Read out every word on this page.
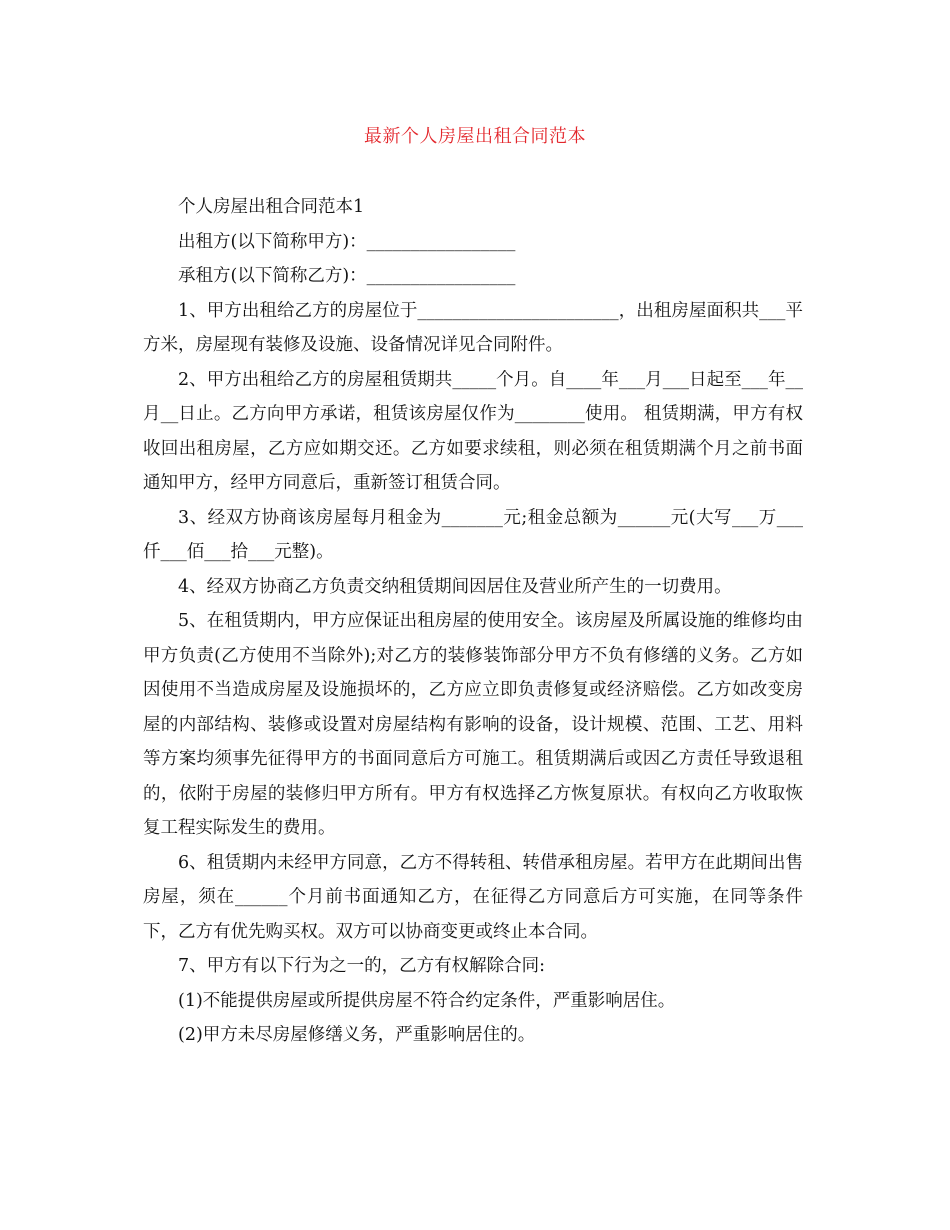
最新个人房屋出租合同范本

个人房屋出租合同范本1

出租方(以下简称甲方)：_________________

承租方(以下简称乙方)：_________________

1、甲方出租给乙方的房屋位于_______________________，出租房屋面积共___平方米，房屋现有装修及设施、设备情况详见合同附件。

2、甲方出租给乙方的房屋租赁期共_____个月。自____年___月___日起至___年__月__日止。乙方向甲方承诺，租赁该房屋仅作为________使用。 租赁期满，甲方有权收回出租房屋，乙方应如期交还。乙方如要求续租，则必须在租赁期满个月之前书面通知甲方，经甲方同意后，重新签订租赁合同。

3、经双方协商该房屋每月租金为_______元;租金总额为______元(大写___万___仟___佰___拾___元整)。

4、经双方协商乙方负责交纳租赁期间因居住及营业所产生的一切费用。

5、在租赁期内，甲方应保证出租房屋的使用安全。该房屋及所属设施的维修均由甲方负责(乙方使用不当除外);对乙方的装修装饰部分甲方不负有修缮的义务。乙方如因使用不当造成房屋及设施损坏的，乙方应立即负责修复或经济赔偿。乙方如改变房屋的内部结构、装修或设置对房屋结构有影响的设备，设计规模、范围、工艺、用料等方案均须事先征得甲方的书面同意后方可施工。租赁期满后或因乙方责任导致退租的，依附于房屋的装修归甲方所有。甲方有权选择乙方恢复原状。有权向乙方收取恢复工程实际发生的费用。

6、租赁期内未经甲方同意，乙方不得转租、转借承租房屋。若甲方在此期间出售房屋，须在______个月前书面通知乙方，在征得乙方同意后方可实施，在同等条件下，乙方有优先购买权。双方可以协商变更或终止本合同。

7、甲方有以下行为之一的，乙方有权解除合同:

(1)不能提供房屋或所提供房屋不符合约定条件，严重影响居住。

(2)甲方未尽房屋修缮义务，严重影响居住的。
